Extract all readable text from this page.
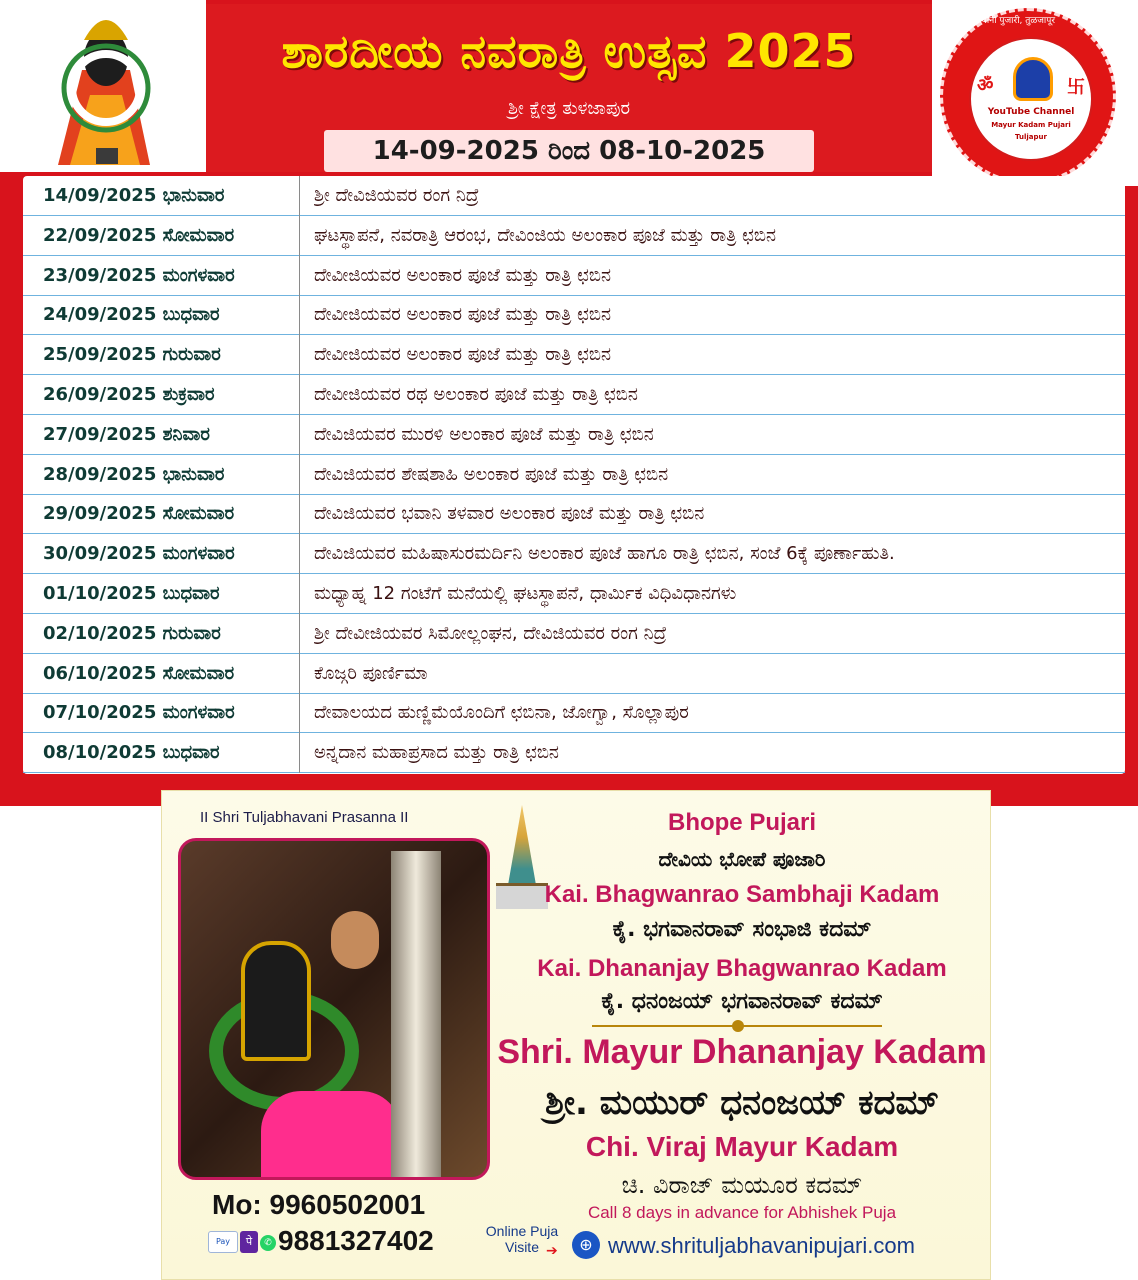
ಶಾರದೀಯ ನವರಾತ್ರಿ ಉತ್ಸವ 2025
ಶ್ರೀ ಕ್ಷೇತ್ರ ತುಳಜಾಪುರ
14-09-2025 ರಿಂದ 08-10-2025
श्री तुळजाभवानी पुजारी, तुळजापूर
ॐ	卐
YouTube Channel
Mayur Kadam Pujari
Tuljapur
14/09/2025 ಭಾನುವಾರ	ಶ್ರೀ ದೇವಿಜಿಯವರ ರಂಗ ನಿದ್ರೆ
22/09/2025 ಸೋಮವಾರ	ಘಟಸ್ಥಾಪನೆ, ನವರಾತ್ರಿ ಆರಂಭ, ದೇವಿಂಜಿಯ ಅಲಂಕಾರ ಪೂಜೆ ಮತ್ತು ರಾತ್ರಿ ಛಬಿನ
23/09/2025 ಮಂಗಳವಾರ	ದೇವೀಜಿಯವರ ಅಲಂಕಾರ ಪೂಜೆ ಮತ್ತು ರಾತ್ರಿ ಛಬಿನ
24/09/2025 ಬುಧವಾರ	ದೇವೀಜಿಯವರ ಅಲಂಕಾರ ಪೂಜೆ ಮತ್ತು ರಾತ್ರಿ ಛಬಿನ
25/09/2025 ಗುರುವಾರ	ದೇವೀಜಿಯವರ ಅಲಂಕಾರ ಪೂಜೆ ಮತ್ತು ರಾತ್ರಿ ಛಬಿನ
26/09/2025 ಶುಕ್ರವಾರ	ದೇವೀಜಿಯವರ ರಥ ಅಲಂಕಾರ ಪೂಜೆ ಮತ್ತು ರಾತ್ರಿ ಛಬಿನ
27/09/2025 ಶನಿವಾರ	ದೇವಿಜಿಯವರ ಮುರಳಿ ಅಲಂಕಾರ ಪೂಜೆ ಮತ್ತು ರಾತ್ರಿ ಛಬಿನ
28/09/2025 ಭಾನುವಾರ	ದೇವಿಜಿಯವರ ಶೇಷಶಾಹಿ ಅಲಂಕಾರ ಪೂಜೆ ಮತ್ತು ರಾತ್ರಿ ಛಬಿನ
29/09/2025 ಸೋಮವಾರ	ದೇವಿಜಿಯವರ ಭವಾನಿ ತಳವಾರ ಅಲಂಕಾರ ಪೂಜೆ ಮತ್ತು ರಾತ್ರಿ ಛಬಿನ
30/09/2025 ಮಂಗಳವಾರ	ದೇವಿಜಿಯವರ ಮಹಿಷಾಸುರಮರ್ದಿನಿ ಅಲಂಕಾರ ಪೂಜೆ ಹಾಗೂ ರಾತ್ರಿ ಛಬಿನ, ಸಂಜೆ 6ಕ್ಕೆ ಪೂರ್ಣಾಹುತಿ.
01/10/2025 ಬುಧವಾರ	ಮಧ್ಯಾಹ್ನ 12 ಗಂಟೆಗೆ ಮನೆಯಲ್ಲಿ ಘಟಸ್ಥಾಪನೆ, ಧಾರ್ಮಿಕ ವಿಧಿವಿಧಾನಗಳು
02/10/2025 ಗುರುವಾರ	ಶ್ರೀ ದೇವೀಜಿಯವರ ಸಿಮೋಲ್ಲಂಘನ, ದೇವಿಜಿಯವರ ರಂಗ ನಿದ್ರೆ
06/10/2025 ಸೋಮವಾರ	ಕೊಜ್ಗರಿ ಪೂರ್ಣಿಮಾ
07/10/2025 ಮಂಗಳವಾರ	ದೇವಾಲಯದ ಹುಣ್ಣಿಮೆಯೊಂದಿಗೆ ಛಬಿನಾ, ಜೋಗ್ವಾ, ಸೊಲ್ಲಾಪುರ
08/10/2025 ಬುಧವಾರ	ಅನ್ನದಾನ ಮಹಾಪ್ರಸಾದ ಮತ್ತು ರಾತ್ರಿ ಛಬಿನ
II Shri Tuljabhavani Prasanna II
Mo: 9960502001
Pay	पे	✆ 9881327402
Bhope Pujari
ದೇವಿಯ ಭೋಪೆ ಪೂಜಾರಿ
Kai. Bhagwanrao Sambhaji Kadam
ಕೈ. ಭಗವಾನರಾವ್ ಸಂಭಾಜಿ ಕದಮ್
Kai. Dhananjay Bhagwanrao Kadam
ಕೈ. ಧನಂಜಯ್ ಭಗವಾನರಾವ್ ಕದಮ್
Shri. Mayur Dhananjay Kadam
ಶ್ರೀ. ಮಯುರ್ ಧನಂಜಯ್ ಕದಮ್
Chi. Viraj Mayur Kadam
ಚಿ. ವಿರಾಜ್ ಮಯೂರ ಕದಮ್
Call 8 days in advance for Abhishek Puja
Online Puja Visite ➔	⊕ www.shrituljabhavanipujari.com
